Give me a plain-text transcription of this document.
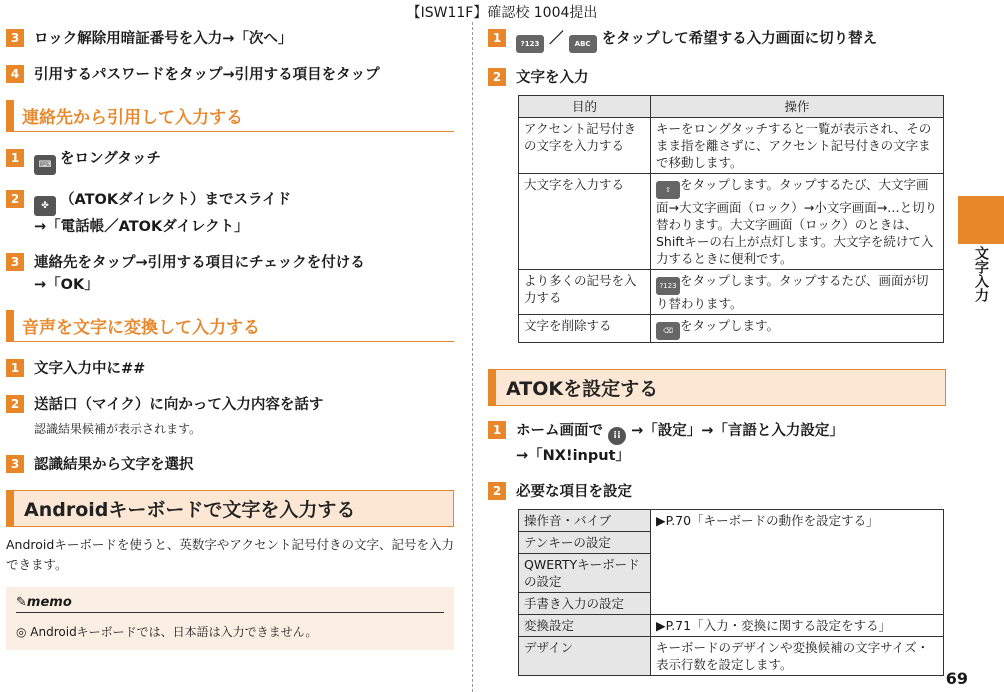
【ISW11F】確認校 1004提出
文字入力
69
3	ロック解除用暗証番号を入力→「次へ」
4	引用するパスワードをタップ→引用する項目をタップ
連絡先から引用して入力する
1	⌨ をロングタッチ
2	✤ （ATOKダイレクト）までスライド
→「電話帳／ATOKダイレクト」
3	連絡先をタップ→引用する項目にチェックを付ける
→「OK」
音声を文字に変換して入力する
1	文字入力中に##
2	送話口（マイク）に向かって入力内容を話す
認識結果候補が表示されます。
3	認識結果から文字を選択
Androidキーボードで文字を入力する
Androidキーボードを使うと、英数字やアクセント記号付きの文字、記号を入力できます。
✎memo
◎ Androidキーボードでは、日本語は入力できません。
1	?123 ／ ABC をタップして希望する入力画面に切り替え
2	文字を入力
目的	操作
アクセント記号付きの文字を入力する	キーをロングタッチすると一覧が表示され、そのまま指を離さずに、アクセント記号付きの文字まで移動します。
大文字を入力する	⇧ をタップします。タップするたび、大文字画面→大文字画面（ロック）→小文字画面→…と切り替わります。大文字画面（ロック）のときは、Shiftキーの右上が点灯します。大文字を続けて入力するときに便利です。
より多くの記号を入力する	?123 をタップします。タップするたび、画面が切り替わります。
文字を削除する	⌫ をタップします。
ATOKを設定する
1	ホーム画面で ⁞⁞ →「設定」→「言語と入力設定」
→「NX!input」
2	必要な項目を設定
操作音・バイブ	▶P.70「キーボードの動作を設定する」
テンキーの設定	
QWERTYキーボードの設定	
手書き入力の設定	
変換設定	▶P.71「入力・変換に関する設定をする」
デザイン	キーボードのデザインや変換候補の文字サイズ・表示行数を設定します。
